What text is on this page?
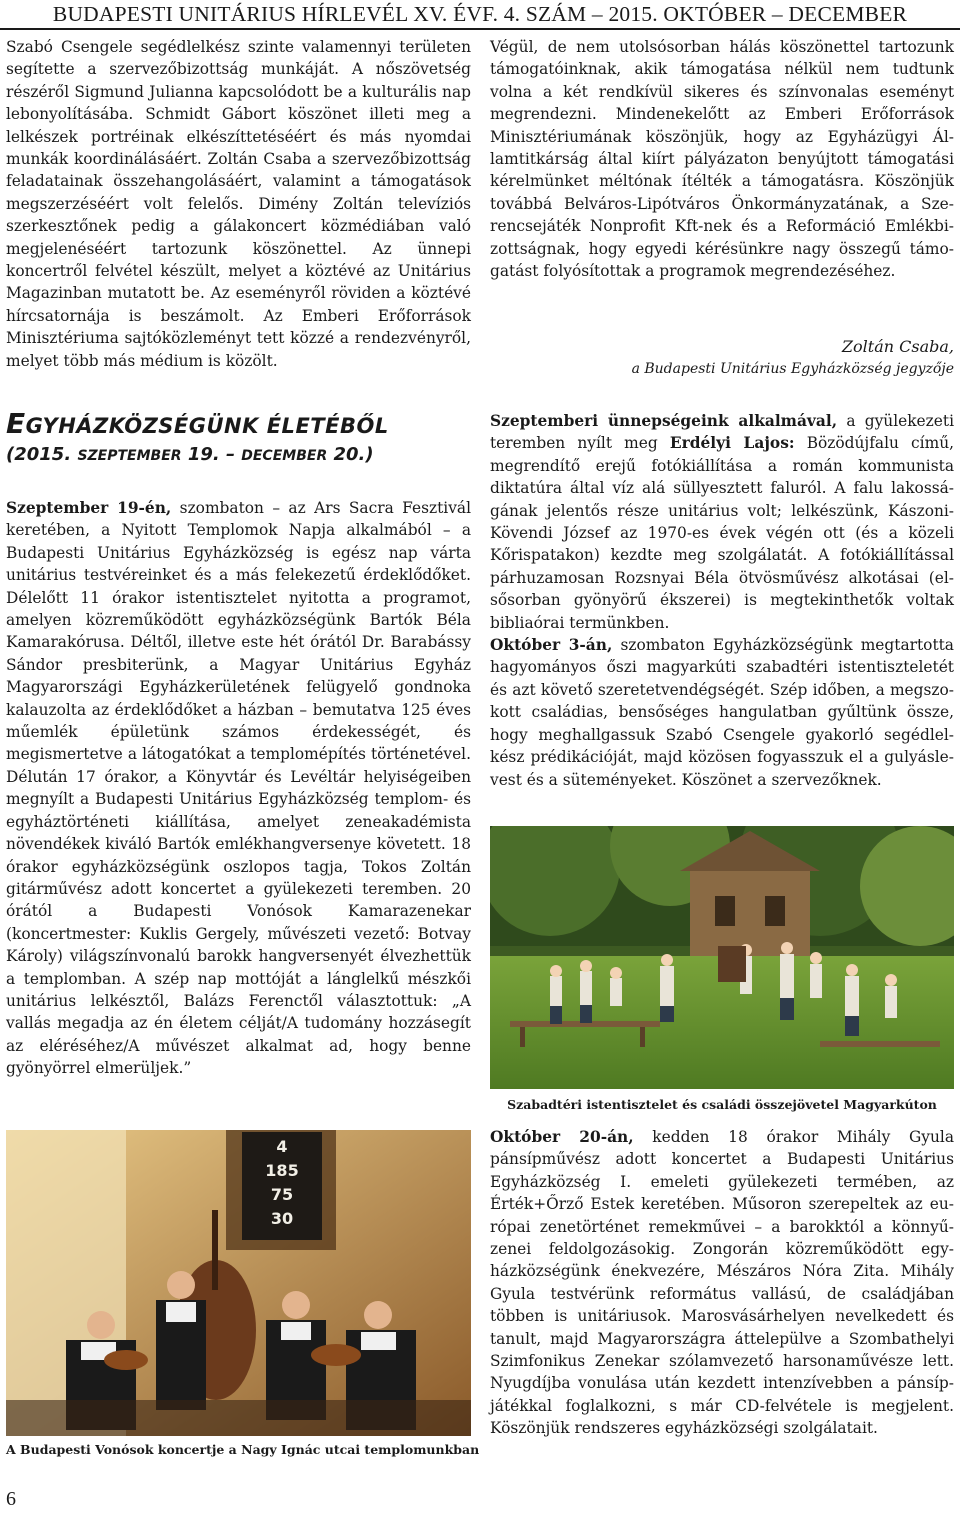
BUDAPESTI UNITÁRIUS HÍRLEVÉL XV. ÉVF. 4. SZÁM – 2015. OKTÓBER – DECEMBER

Szabó Csengele segédlelkész szinte valamennyi területen segítette a szervezőbizottság munkáját. A nőszövetség részéről Sigmund Julianna kapcsolódott be a kulturális nap lebonyolításába. Schmidt Gábort köszönet illeti meg a lelkészek portréinak elkészíttetéséért és más nyomdai munkák koordinálásáért. Zoltán Csaba a szervezőbizottság feladatainak összehangolásáért, valamint a támogatások megszerzéséért volt felelős. Dimény Zoltán televíziós szerkesztőnek pedig a gálakoncert közmédiában való megjelenéséért tartozunk köszönettel. Az ünnepi koncertről felvétel készült, melyet a köztévé az Unitárius Magazinban mutatott be. Az eseményről röviden a köztévé hírcsatornája is beszámolt. Az Emberi Erőforrások Minisztériuma sajtóközleményt tett közzé a rendezvényről, melyet több más médium is közölt.

Végül, de nem utolsósorban hálás köszönettel tartozunk támogatóinknak, akik támogatása nélkül nem tudtunk volna a két rendkívül sikeres és színvonalas eseményt megrendezni. Mindenekelőtt az Emberi Erőforrások Minisztériumának köszönjük, hogy az Egyházügyi Államtitkárság által kiírt pályázaton benyújtott támogatási kérelmünket méltónak ítélték a támogatásra. Köszönjük továbbá Belváros-Lipótváros Önkormányzatának, a Szerencsejáték Nonprofit Kft-nek és a Reformáció Emlékbizottságnak, hogy egyedi kérésünkre nagy összegű támogatást folyósítottak a programok megrendezéséhez.

Zoltán Csaba,
a Budapesti Unitárius Egyházközség jegyzője
EGYHÁZKÖZSÉGÜNK ÉLETÉBŐL
(2015. SZEPTEMBER 19. – DECEMBER 20.)

Szeptember 19-én, szombaton – az Ars Sacra Fesztivál keretében, a Nyitott Templomok Napja alkalmából – a Budapesti Unitárius Egyházközség is egész nap várta unitárius testvéreinket és a más felekezetű érdeklődőket. Délelőtt 11 órakor istentisztelet nyitotta a programot, amelyen közreműködött egyházközségünk Bartók Béla Kamarakórusa. Déltől, illetve este hét órától Dr. Barabássy Sándor presbiterünk, a Magyar Unitárius Egyház Magyarországi Egyházkerületének felügyelő gondnoka kalauzolta az érdeklődőket a házban – bemutatva 125 éves műemlék épületünk számos érdekességét, és megismertetve a látogatókat a templomépítés történetével. Délután 17 órakor, a Könyvtár és Levéltár helyiségeiben megnyílt a Budapesti Unitárius Egyházközség templom- és egyháztörténeti kiállítása, amelyet zeneakadémista növendékek kiváló Bartók emlékhangversenye követett. 18 órakor egyházközségünk oszlopos tagja, Tokos Zoltán gitárművész adott koncertet a gyülekezeti teremben. 20 órától a Budapesti Vonósok Kamarazenekar (koncertmester: Kuklis Gergely, művészeti vezető: Botvay Károly) világszínvonalú barokk hangversenyét élvezhettük a templomban. A szép nap mottóját a lánglelkű mészkői unitárius lelkésztől, Balázs Ferenctől választottuk: „A vallás megadja az én életem célját/A tudomány hozzásegít az eléréséhez/A művészet alkalmat ad, hogy benne gyönyörrel elmerüljek.”

Szeptemberi ünnepségeink alkalmával, a gyülekezeti teremben nyílt meg Erdélyi Lajos: Bözödújfalu című, megrendítő erejű fotókiállítása a román kommunista diktatúra által víz alá süllyesztett faluról. A falu lakosságának jelentős része unitárius volt; lelkészünk, Kászoni-Kövendi József az 1970-es évek végén ott (és a közeli Kőrispatakon) kezdte meg szolgálatát. A fotókiállítással párhuzamosan Rozsnyai Béla ötvösművész alkotásai (elsősorban gyönyörű ékszerei) is megtekinthetők voltak bibliaórai termünkben.

Október 3-án, szombaton Egyházközségünk megtartotta hagyományos őszi magyarkúti szabadtéri istentiszteletét és azt követő szeretetvendégségét. Szép időben, a megszokott családias, bensőséges hangulatban gyűltünk össze, hogy meghallgassuk Szabó Csengele gyakorló segédlelkész prédikációját, majd közösen fogyasszuk el a gulyáslevest és a süteményeket. Köszönet a szervezőknek.

Szabadtéri istentisztelet és családi összejövetel Magyarkúton

Október 20-án, kedden 18 órakor Mihály Gyula pánsípművész adott koncertet a Budapesti Unitárius Egyházközség I. emeleti gyülekezeti termében, az Érték+Őrző Estek keretében. Műsoron szerepeltek az európai zenetörténet remekművei – a barokktól a könnyűzenei feldolgozásokig. Zongorán közreműködött egyházközségünk énekvezére, Mészáros Nóra Zita. Mihály Gyula testvérünk református vallású, de családjában többen is unitáriusok. Marosvásárhelyen nevelkedett és tanult, majd Magyarországra áttelepülve a Szombathelyi Szimfonikus Zenekar szólamvezető harsonaművésze lett. Nyugdíjba vonulása után kezdett intenzívebben a pánsípjátékkal foglalkozni, s már CD-felvétele is megjelent. Köszönjük rendszeres egyházközségi szolgálatait.

4
185
75
30
A Budapesti Vonósok koncertje a Nagy Ignác utcai templomunkban
6
